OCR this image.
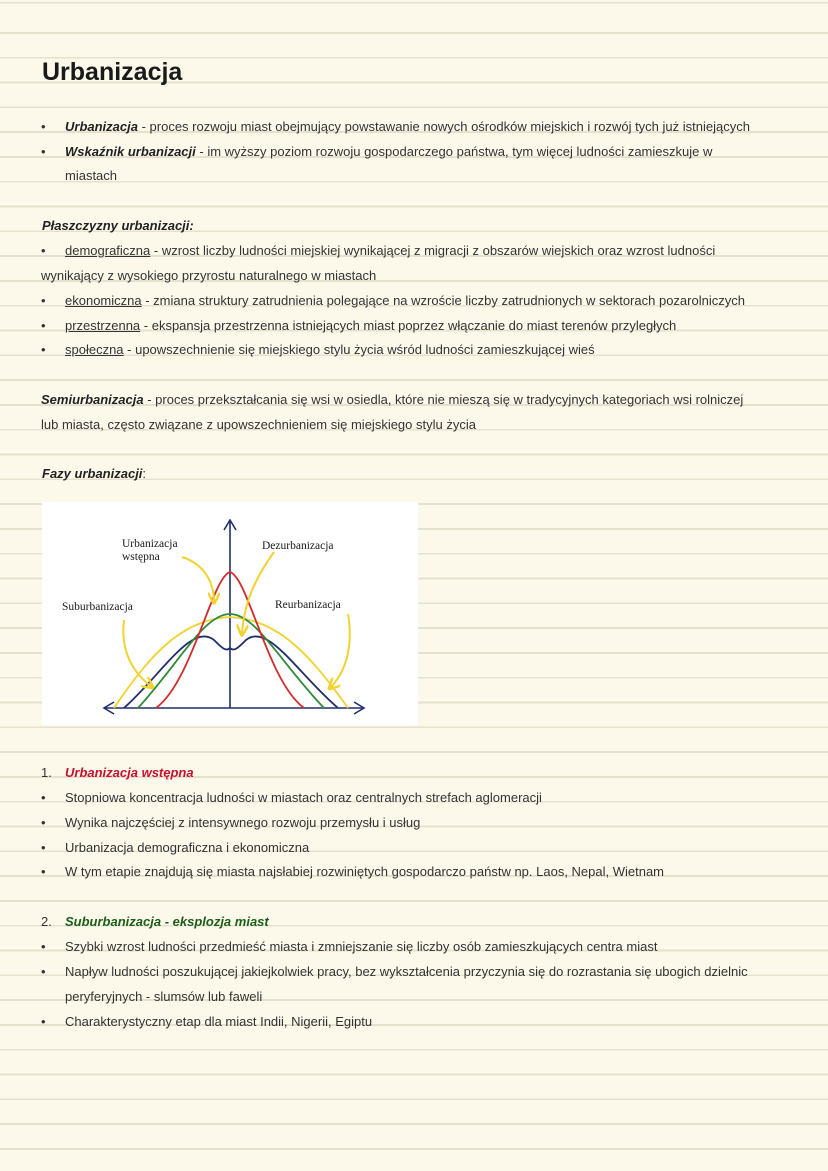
Urbanizacja
• Urbanizacja - proces rozwoju miast obejmujący powstawanie nowych ośrodków miejskich i rozwój tych już istniejących
• Wskaźnik urbanizacji - im wyższy poziom rozwoju gospodarczego państwa, tym więcej ludności zamieszkuje w
miastach
Płaszczyzny urbanizacji:
• demograficzna - wzrost liczby ludności miejskiej wynikającej z migracji z obszarów wiejskich oraz wzrost ludności
wynikający z wysokiego przyrostu naturalnego w miastach
• ekonomiczna - zmiana struktury zatrudnienia polegające na wzroście liczby zatrudnionych w sektorach pozarolniczych
• przestrzenna - ekspansja przestrzenna istniejących miast poprzez włączanie do miast terenów przyległych
• społeczna - upowszechnienie się miejskiego stylu życia wśród ludności zamieszkującej wieś
Semiurbanizacja - proces przekształcania się wsi w osiedla, które nie mieszą się w tradycyjnych kategoriach wsi rolniczej
lub miasta, często związane z upowszechnieniem się miejskiego stylu życia
Fazy urbanizacji:
Urbanizacja
wstępna
Dezurbanizacja
Suburbanizacja	Reurbanizacja
1. Urbanizacja wstępna
• Stopniowa koncentracja ludności w miastach oraz centralnych strefach aglomeracji
• Wynika najczęściej z intensywnego rozwoju przemysłu i usług
• Urbanizacja demograficzna i ekonomiczna
• W tym etapie znajdują się miasta najsłabiej rozwiniętych gospodarczo państw np. Laos, Nepal, Wietnam
2. Suburbanizacja - eksplozja miast
• Szybki wzrost ludności przedmieść miasta i zmniejszanie się liczby osób zamieszkujących centra miast
• Napływ ludności poszukującej jakiejkolwiek pracy, bez wykształcenia przyczynia się do rozrastania się ubogich dzielnic
peryferyjnych - slumsów lub faweli
• Charakterystyczny etap dla miast Indii, Nigerii, Egiptu
